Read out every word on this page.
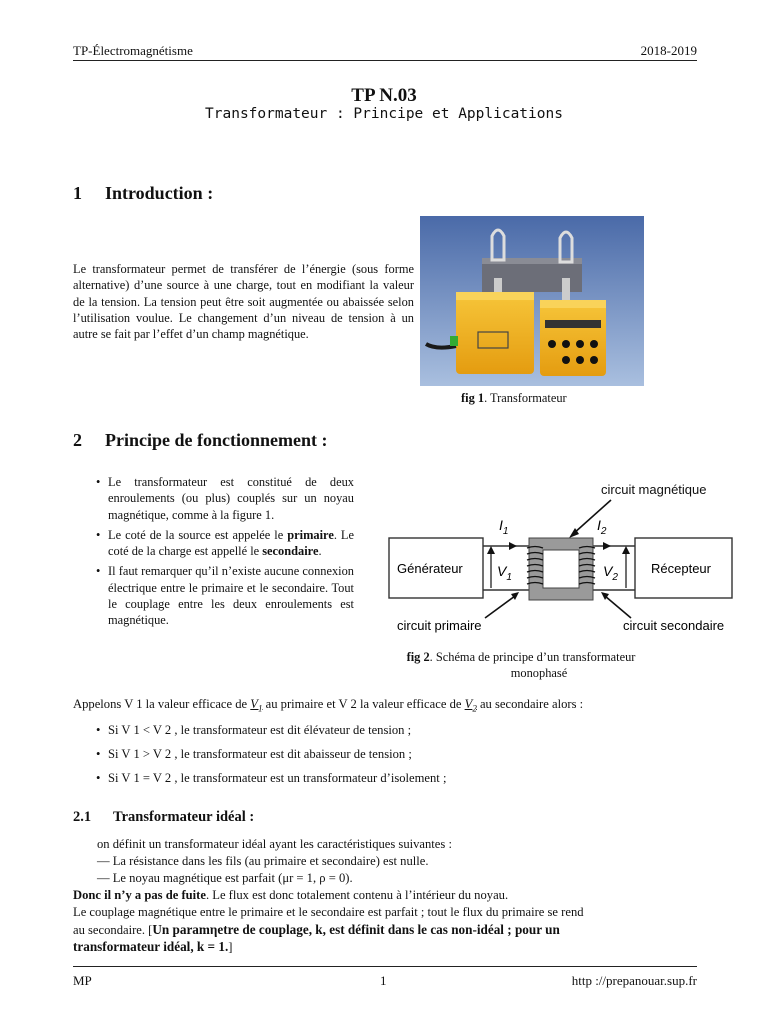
TP-Électromagnétisme	2018-2019
TP N.03
Transformateur : Principe et Applications
1 Introduction :
Le transformateur permet de transférer de l’énergie (sous forme alternative) d’une source à une charge, tout en modifiant la valeur de la tension. La tension peut être soit augmentée ou abaissée selon l’utilisation voulue. Le changement d’un niveau de tension à un autre se fait par l’effet d’un champ magnétique.
fig 1. Transformateur
2 Principe de fonctionnement :
• Le transformateur est constitué de deux enroulements (ou plus) couplés sur un noyau magnétique, comme à la figure 1.
• Le coté de la source est appelée le primaire. Le coté de la charge est appellé le secondaire.
• Il faut remarquer qu’il n’existe aucune connexion électrique entre le primaire et le secondaire. Tout le couplage entre les deux enroulements est magnétique.
circuit magnétique
Générateur	Récepteur
$I_1$	$I_2$
$V_1$	$V_2$
circuit primaire	circuit secondaire
fig 2. Schéma de principe d’un transformateur
monophasé
Appelons V 1 la valeur efficace de $V_1$ au primaire et V 2 la valeur efficace de $V_2$ au secondaire alors :
• Si V 1 < V 2 , le transformateur est dit élévateur de tension ;
• Si V 1 > V 2 , le transformateur est dit abaisseur de tension ;
• Si V 1 = V 2 , le transformateur est un transformateur d’isolement ;
2.1 Transformateur idéal :
on définit un transformateur idéal ayant les caractéristiques suivantes :
— La résistance dans les fils (au primaire et secondaire) est nulle.
— Le noyau magnétique est parfait (μr = 1, ρ = 0).
Donc il n’y a pas de fuite. Le flux est donc totalement contenu à l’intérieur du noyau.
Le couplage magnétique entre le primaire et le secondaire est parfait ; tout le flux du primaire se rend
au secondaire. [Un paramηetre de couplage, k, est définit dans le cas non-idéal ; pour un
transformateur idéal, k = 1.]
MP	1	http ://prepanouar.sup.fr
